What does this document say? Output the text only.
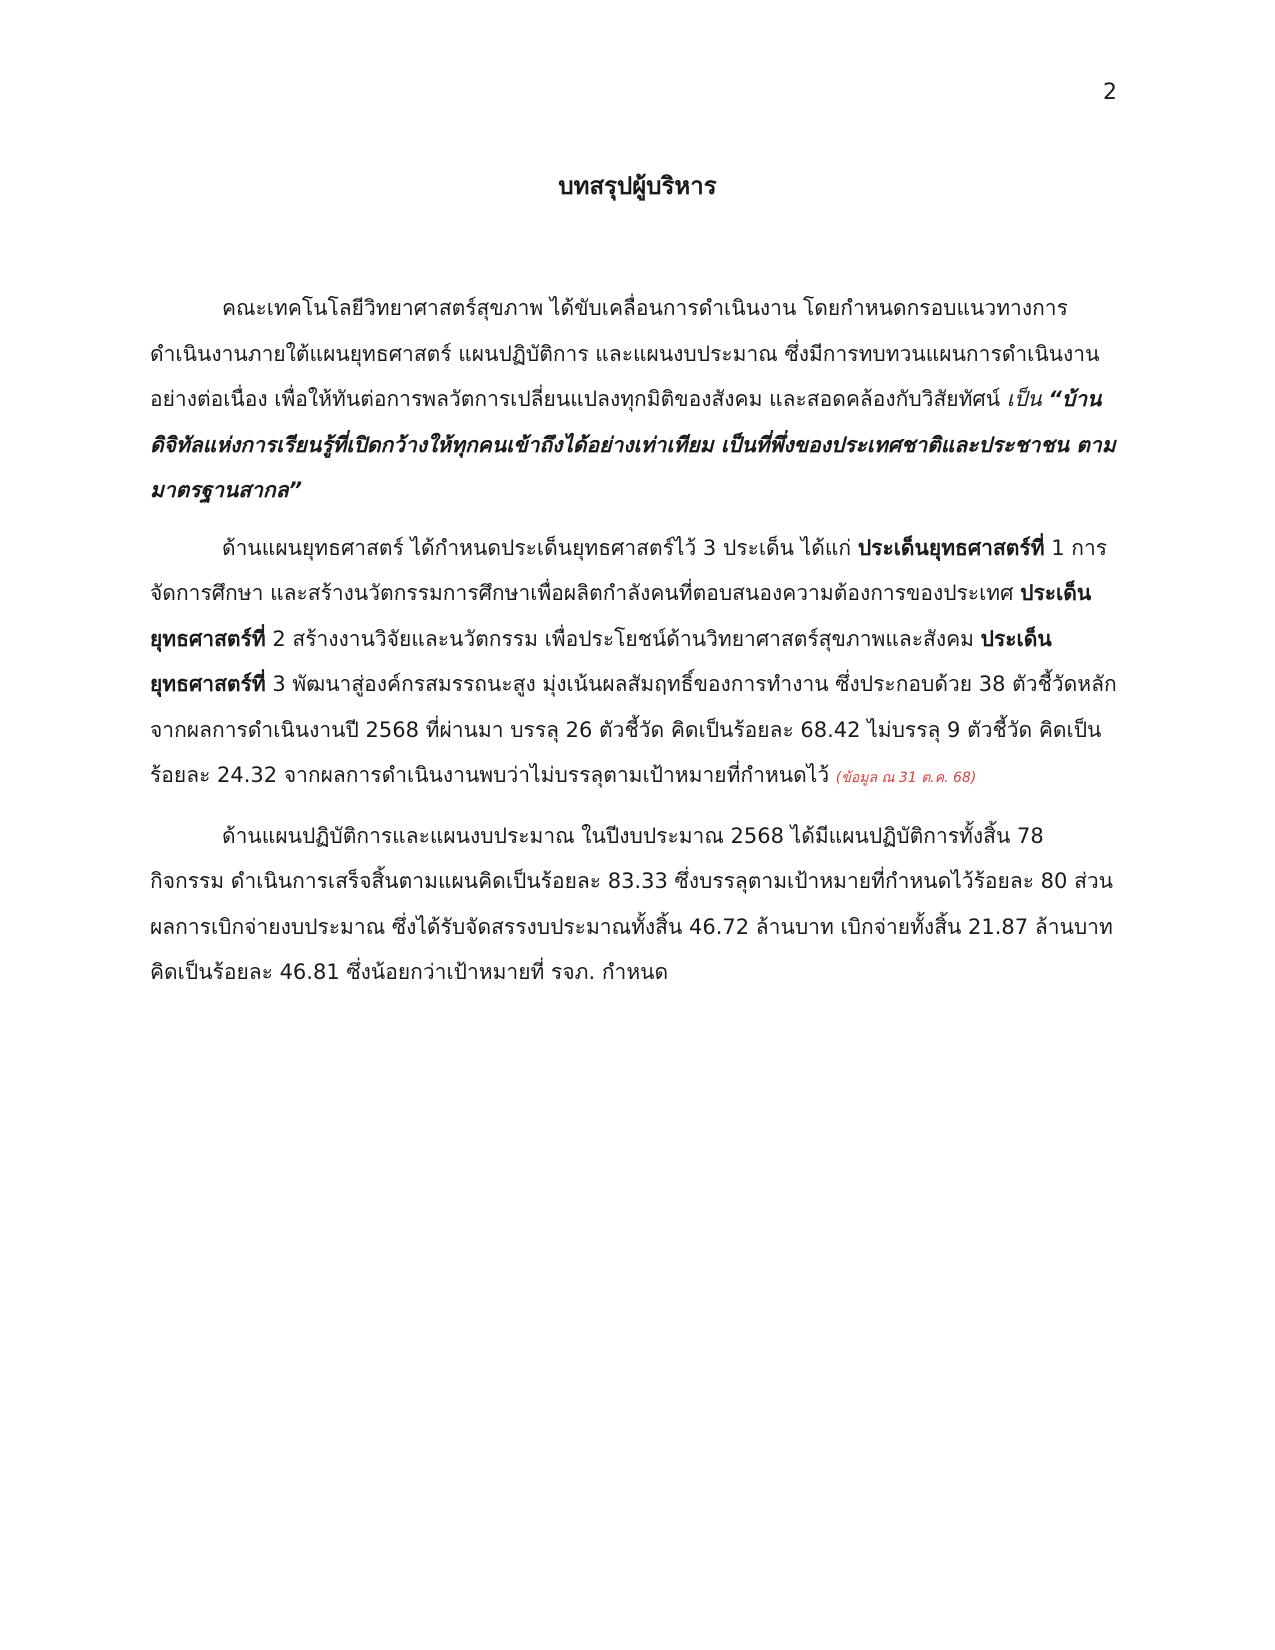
2
บทสรุปผู้บริหาร

คณะเทคโนโลยีวิทยาศาสตร์สุขภาพ ได้ขับเคลื่อนการดำเนินงาน โดยกำหนดกรอบแนวทางการดำเนินงานภายใต้แผนยุทธศาสตร์ แผนปฏิบัติการ และแผนงบประมาณ ซึ่งมีการทบทวนแผนการดำเนินงาน อย่างต่อเนื่อง เพื่อให้ทันต่อการพลวัตการเปลี่ยนแปลงทุกมิติของสังคม และสอดคล้องกับวิสัยทัศน์ เป็น “บ้านดิจิทัลแห่งการเรียนรู้ที่เปิดกว้างให้ทุกคนเข้าถึงได้อย่างเท่าเทียม เป็นที่พึ่งของประเทศชาติและประชาชน ตามมาตรฐานสากล”

ด้านแผนยุทธศาสตร์ ได้กำหนดประเด็นยุทธศาสตร์ไว้ 3 ประเด็น ได้แก่ ประเด็นยุทธศาสตร์ที่ 1 การจัดการศึกษา และสร้างนวัตกรรมการศึกษาเพื่อผลิตกำลังคนที่ตอบสนองความต้องการของประเทศ ประเด็นยุทธศาสตร์ที่ 2 สร้างงานวิจัยและนวัตกรรม เพื่อประโยชน์ด้านวิทยาศาสตร์สุขภาพและสังคม ประเด็นยุทธศาสตร์ที่ 3 พัฒนาสู่องค์กรสมรรถนะสูง มุ่งเน้นผลสัมฤทธิ์ของการทำงาน ซึ่งประกอบด้วย 38 ตัวชี้วัดหลัก จากผลการดำเนินงานปี 2568 ที่ผ่านมา บรรลุ 26 ตัวชี้วัด คิดเป็นร้อยละ 68.42 ไม่บรรลุ 9 ตัวชี้วัด คิดเป็นร้อยละ 24.32 จากผลการดำเนินงานพบว่าไม่บรรลุตามเป้าหมายที่กำหนดไว้ (ข้อมูล ณ 31 ต.ค. 68)

ด้านแผนปฏิบัติการและแผนงบประมาณ ในปีงบประมาณ 2568 ได้มีแผนปฏิบัติการทั้งสิ้น 78 กิจกรรม ดำเนินการเสร็จสิ้นตามแผนคิดเป็นร้อยละ 83.33 ซึ่งบรรลุตามเป้าหมายที่กำหนดไว้ร้อยละ 80 ส่วนผลการเบิกจ่ายงบประมาณ ซึ่งได้รับจัดสรรงบประมาณทั้งสิ้น 46.72 ล้านบาท เบิกจ่ายทั้งสิ้น 21.87 ล้านบาท คิดเป็นร้อยละ 46.81 ซึ่งน้อยกว่าเป้าหมายที่ รจภ. กำหนด
